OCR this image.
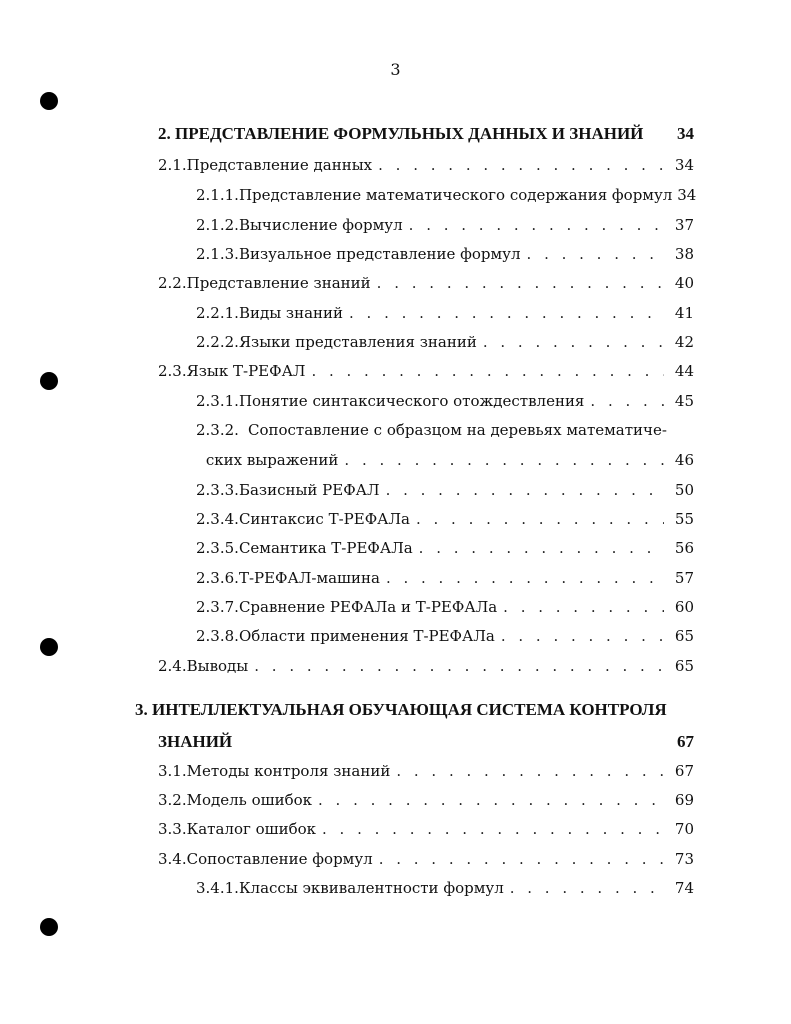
3
2. ПРЕДСТАВЛЕНИЕ ФОРМУЛЬНЫХ ДАННЫХ И ЗНАНИЙ	34
2.1. Представление данных . . .	34
2.1.1. Представление математического содержания формул 34
2.1.2. Вычисление формул . . .	37
2.1.3. Визуальное представление формул . . .	38
2.2. Представление знаний . . .	40
2.2.1. Виды знаний . . .	41
2.2.2. Языки представления знаний . . .	42
2.3. Язык Т-РЕФАЛ . . .	44
2.3.1. Понятие синтаксического отождествления . . .	45
2.3.2. Сопоставление с образцом на деревьях математиче-
ских выражений . . .	46
2.3.3. Базисный РЕФАЛ . . .	50
2.3.4. Синтаксис Т-РЕФАЛа . . .	55
2.3.5. Семантика Т-РЕФАЛа . . .	56
2.3.6. Т-РЕФАЛ-машина . . .	57
2.3.7. Сравнение РЕФАЛа и Т-РЕФАЛа . . .	60
2.3.8. Области применения Т-РЕФАЛа . . .	65
2.4. Выводы . . .	65
3. ИНТЕЛЛЕКТУАЛЬНАЯ ОБУЧАЮЩАЯ СИСТЕМА КОНТРОЛЯ
ЗНАНИЙ	67
3.1. Методы контроля знаний . . .	67
3.2. Модель ошибок . . .	69
3.3. Каталог ошибок . . .	70
3.4. Сопоставление формул . . .	73
3.4.1. Классы эквивалентности формул . . .	74
